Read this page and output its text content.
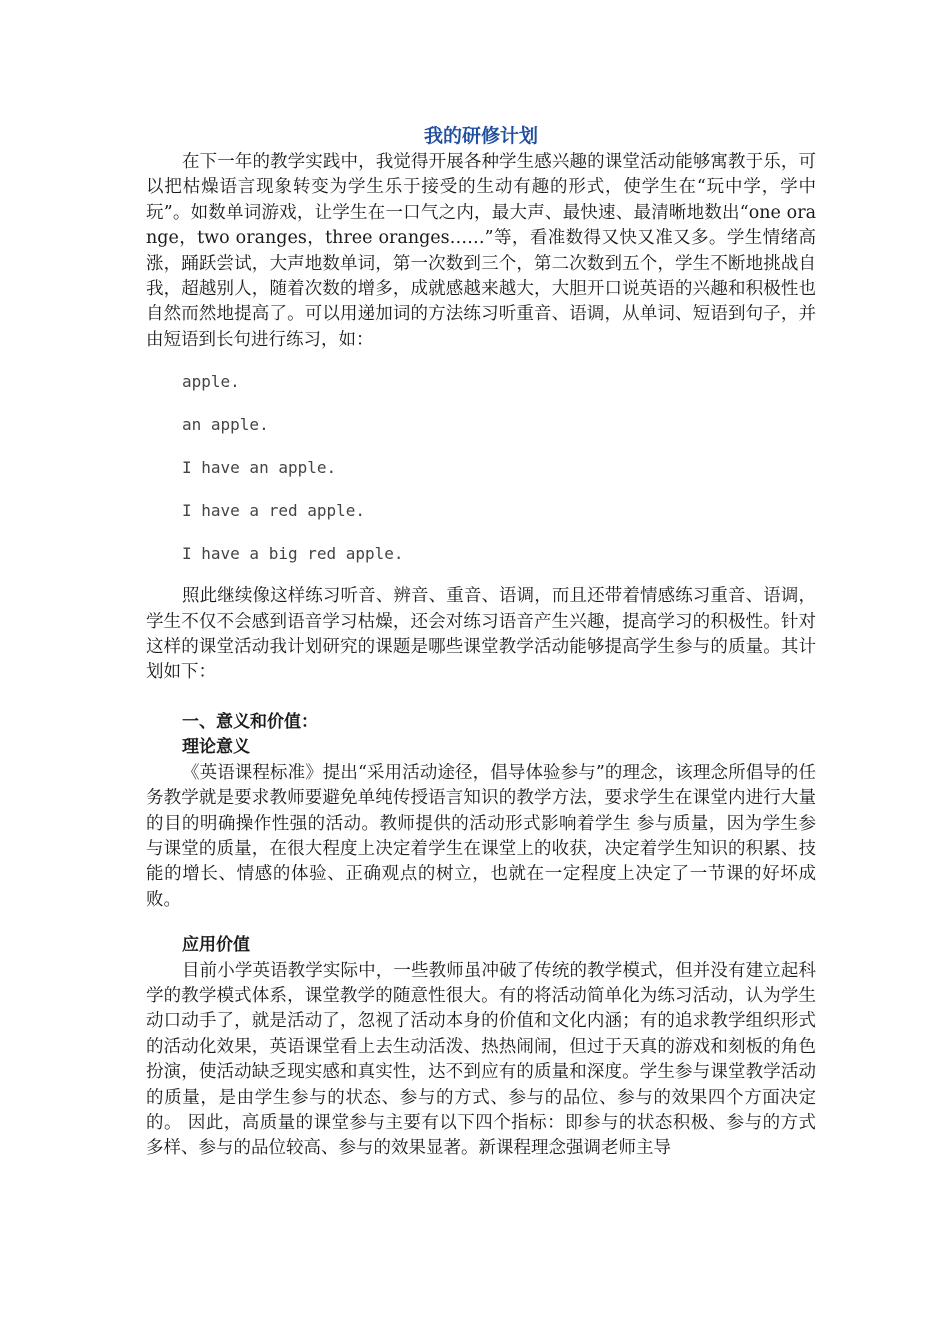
我的研修计划

在下一年的教学实践中，我觉得开展各种学生感兴趣的课堂活动能够寓教于乐，可以把枯燥语言现象转变为学生乐于接受的生动有趣的形式，使学生在“玩中学，学中玩”。如数单词游戏，让学生在一口气之内，最大声、最快速、最清晰地数出“one orange，two oranges，three oranges……”等，看准数得又快又准又多。学生情绪高涨，踊跃尝试，大声地数单词，第一次数到三个，第二次数到五个，学生不断地挑战自我，超越别人，随着次数的增多，成就感越来越大，大胆开口说英语的兴趣和积极性也自然而然地提高了。可以用递加词的方法练习听重音、语调，从单词、短语到句子，并由短语到长句进行练习，如：

apple.

an apple.

I have an apple.

I have a red apple.

I have a big red apple.

照此继续像这样练习听音、辨音、重音、语调，而且还带着情感练习重音、语调，学生不仅不会感到语音学习枯燥，还会对练习语音产生兴趣，提高学习的积极性。针对这样的课堂活动我计划研究的课题是哪些课堂教学活动能够提高学生参与的质量。其计划如下：

一、意义和价值：

理论意义

《英语课程标准》提出“采用活动途径，倡导体验参与”的理念，该理念所倡导的任务教学就是要求教师要避免单纯传授语言知识的教学方法，要求学生在课堂内进行大量的目的明确操作性强的活动。教师提供的活动形式影响着学生 参与质量，因为学生参与课堂的质量，在很大程度上决定着学生在课堂上的收获，决定着学生知识的积累、技能的增长、情感的体验、正确观点的树立，也就在一定程度上决定了一节课的好坏成败。

应用价值

目前小学英语教学实际中，一些教师虽冲破了传统的教学模式，但并没有建立起科学的教学模式体系，课堂教学的随意性很大。有的将活动简单化为练习活动，认为学生动口动手了，就是活动了，忽视了活动本身的价值和文化内涵；有的追求教学组织形式的活动化效果，英语课堂看上去生动活泼、热热闹闹，但过于天真的游戏和刻板的角色扮演，使活动缺乏现实感和真实性，达不到应有的质量和深度。学生参与课堂教学活动的质量，是由学生参与的状态、参与的方式、参与的品位、参与的效果四个方面决定的。 因此，高质量的课堂参与主要有以下四个指标：即参与的状态积极、参与的方式多样、参与的品位较高、参与的效果显著。新课程理念强调老师主导
